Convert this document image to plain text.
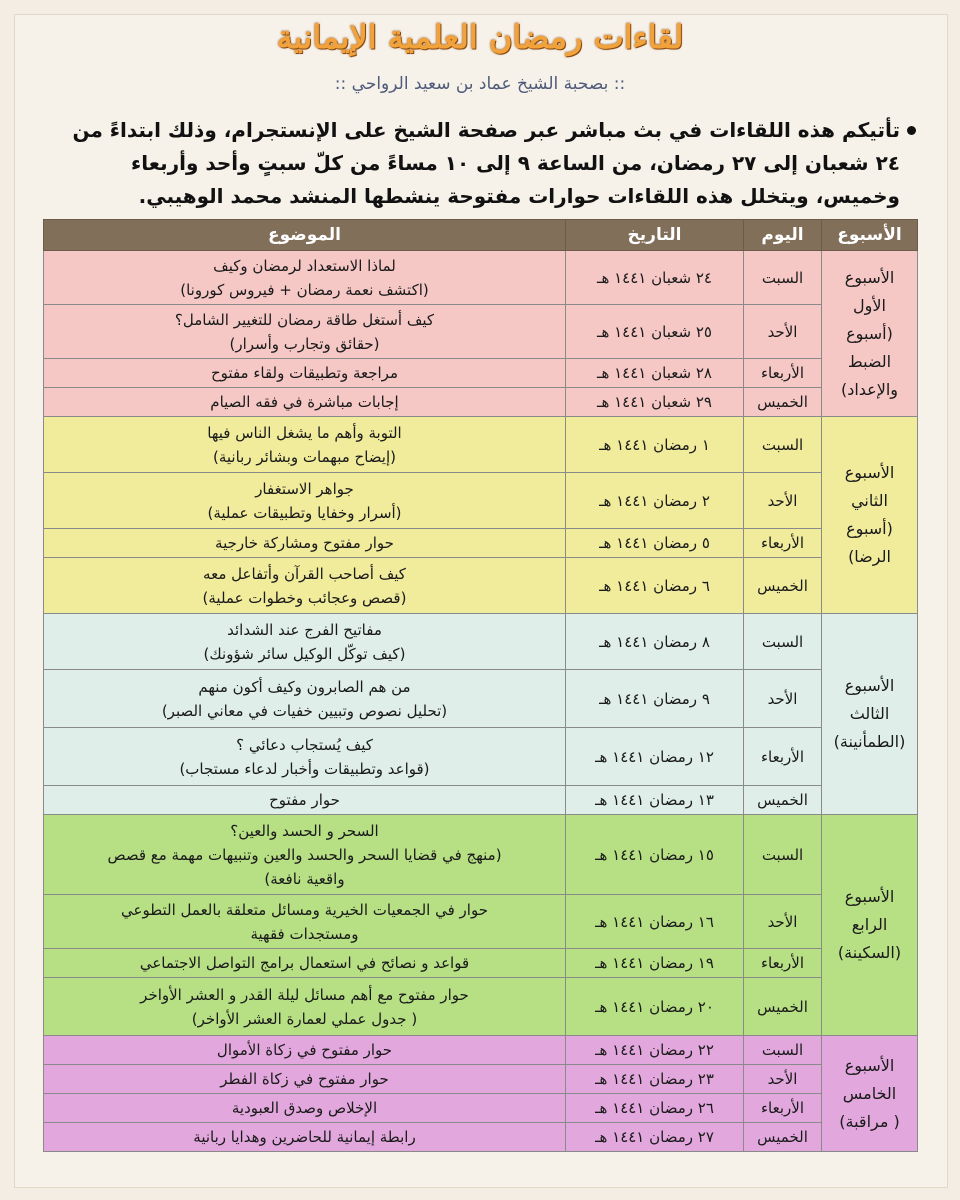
لقاءات رمضان العلمية الإيمانية
:: بصحبة الشيخ عماد بن سعيد الرواحي ::
تأتيكم هذه اللقاءات في بث مباشر عبر صفحة الشيخ على الإنستجرام، وذلك ابتداءً من ٢٤ شعبان إلى ٢٧ رمضان، من الساعة ٩ إلى ١٠ مساءً من كلّ سبتٍ وأحد وأربعاء وخميس، ويتخلل هذه اللقاءات حوارات مفتوحة ينشطها المنشد محمد الوهيبي.
الأسبوع	اليوم	التاريخ	الموضوع

الأسبوع
الأول
(أسبوع
الضبط
والإعداد)	السبت	٢٤ شعبان ١٤٤١ هـ	لماذا الاستعداد لرمضان وكيف
(اكتشف نعمة رمضان + فيروس كورونا)

	الأحد	٢٥ شعبان ١٤٤١ هـ	كيف أستغل طاقة رمضان للتغيير الشامل؟
(حقائق وتجارب وأسرار)

	الأربعاء	٢٨ شعبان ١٤٤١ هـ	مراجعة وتطبيقات ولقاء مفتوح

	الخميس	٢٩ شعبان ١٤٤١ هـ	إجابات مباشرة في فقه الصيام

الأسبوع
الثاني
(أسبوع
الرضا)	السبت	١ رمضان ١٤٤١ هـ	التوبة وأهم ما يشغل الناس فيها
(إيضاح مبهمات وبشائر ربانية)

	الأحد	٢ رمضان ١٤٤١ هـ	جواهر الاستغفار
(أسرار وخفايا وتطبيقات عملية)

	الأربعاء	٥ رمضان ١٤٤١ هـ	حوار مفتوح ومشاركة خارجية

	الخميس	٦ رمضان ١٤٤١ هـ	كيف أصاحب القرآن وأتفاعل معه
(قصص وعجائب وخطوات عملية)

الأسبوع
الثالث
(الطمأنينة)	السبت	٨ رمضان ١٤٤١ هـ	مفاتيح الفرج عند الشدائد
(كيف توكّل الوكيل سائر شؤونك)

	الأحد	٩ رمضان ١٤٤١ هـ	من هم الصابرون وكيف أكون منهم
(تحليل نصوص وتبيين خفيات في معاني الصبر)

	الأربعاء	١٢ رمضان ١٤٤١ هـ	كيف يُستجاب دعائي ؟
(قواعد وتطبيقات وأخبار لدعاء مستجاب)

	الخميس	١٣ رمضان ١٤٤١ هـ	حوار مفتوح

الأسبوع
الرابع
(السكينة)	السبت	١٥ رمضان ١٤٤١ هـ	السحر و الحسد والعين؟
(منهج في قضايا السحر والحسد والعين وتنبيهات مهمة مع قصص
واقعية نافعة)

	الأحد	١٦ رمضان ١٤٤١ هـ	حوار في الجمعيات الخيرية ومسائل متعلقة بالعمل التطوعي
ومستجدات فقهية

	الأربعاء	١٩ رمضان ١٤٤١ هـ	قواعد و نصائح في استعمال برامج التواصل الاجتماعي

	الخميس	٢٠ رمضان ١٤٤١ هـ	حوار مفتوح مع أهم مسائل ليلة القدر و العشر الأواخر
( جدول عملي لعمارة العشر الأواخر)

الأسبوع
الخامس
( مراقبة)	السبت	٢٢ رمضان ١٤٤١ هـ	حوار مفتوح في زكاة الأموال

	الأحد	٢٣ رمضان ١٤٤١ هـ	حوار مفتوح في زكاة الفطر

	الأربعاء	٢٦ رمضان ١٤٤١ هـ	الإخلاص وصدق العبودية

	الخميس	٢٧ رمضان ١٤٤١ هـ	رابطة إيمانية للحاضرين وهدايا ربانية
